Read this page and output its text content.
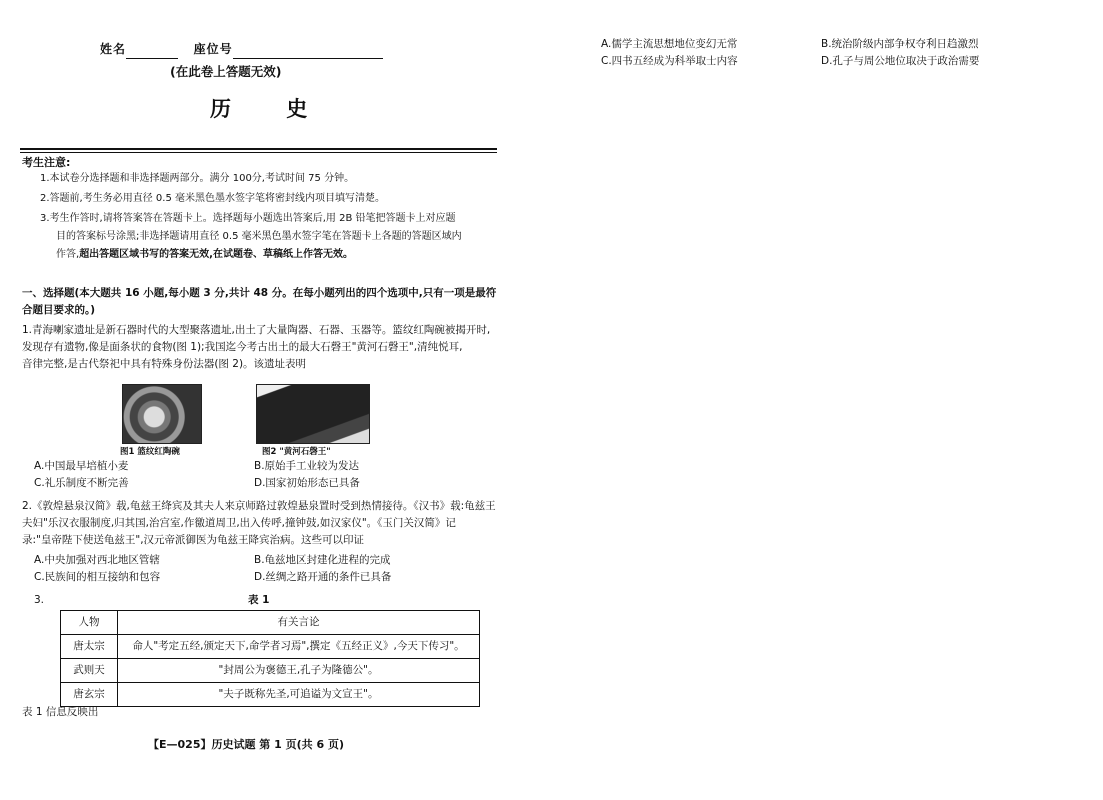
姓名	座位号
(在此卷上答题无效)
历 史
考生注意:
1.本试卷分选择题和非选择题两部分。满分 100分,考试时间 75 分钟。
2.答题前,考生务必用直径 0.5 毫米黑色墨水签字笔将密封线内项目填写清楚。
3.考生作答时,请将答案答在答题卡上。选择题每小题选出答案后,用 2B 铅笔把答题卡上对应题
目的答案标号涂黑;非选择题请用直径 0.5 毫米黑色墨水签字笔在答题卡上各题的答题区域内
作答,超出答题区域书写的答案无效,在试题卷、草稿纸上作答无效。
一、选择题(本大题共 16 小题,每小题 3 分,共计 48 分。在每小题列出的四个选项中,只有一项是最符合题目要求的。)
1.青海喇家遗址是新石器时代的大型聚落遗址,出土了大量陶器、石器、玉器等。篮纹红陶碗被揭开时,
发现存有遗物,像是面条状的食物(图 1);我国迄今考古出土的最大石磬王"黄河石磬王",清纯悦耳,
音律完整,是古代祭祀中具有特殊身份法器(图 2)。该遗址表明
图1 篮纹红陶碗	图2 "黄河石磬王"
A.中国最早培植小麦	B.原始手工业较为发达
C.礼乐制度不断完善	D.国家初始形态已具备
2.《敦煌悬泉汉简》载,龟兹王绛宾及其夫人来京师路过敦煌悬泉置时受到热情接待。《汉书》载:龟兹王
夫妇"乐汉衣服制度,归其国,治宫室,作徼道周卫,出入传呼,撞钟鼓,如汉家仪"。《玉门关汉简》记
录:"皇帝陛下使送龟兹王",汉元帝派御医为龟兹王降宾治病。这些可以印证
A.中央加强对西北地区管辖	B.龟兹地区封建化进程的完成
C.民族间的相互接纳和包容	D.丝绸之路开通的条件已具备
3.	表 1
人物	有关言论
唐太宗	命人"考定五经,颁定天下,命学者习焉",撰定《五经正义》,今天下传习"。
武则天	"封周公为褒德王,孔子为隆德公"。
唐玄宗	"夫子既称先圣,可追谥为文宣王"。
表 1 信息反映出
【E—025】历史试题 第 1 页(共 6 页)
A.儒学主流思想地位变幻无常	B.统治阶级内部争权夺利日趋激烈
C.四书五经成为科举取士内容	D.孔子与周公地位取决于政治需要
